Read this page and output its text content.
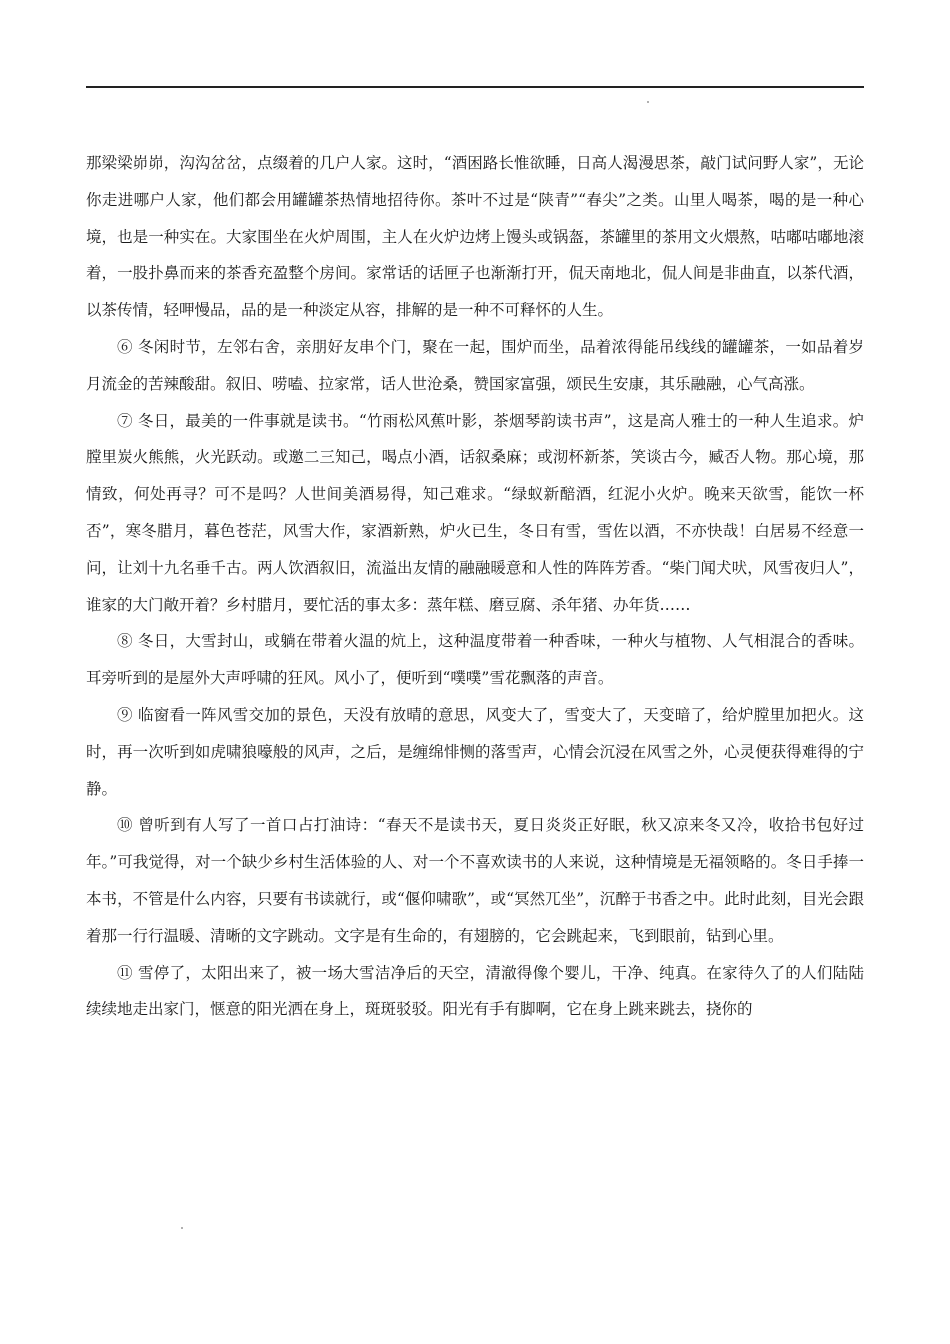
那梁梁峁峁，沟沟岔岔，点缀着的几户人家。这时，“酒困路长惟欲睡，日高人渴漫思茶，敲门试问野人家”，无论你走进哪户人家，他们都会用罐罐茶热情地招待你。茶叶不过是“陕青”“春尖”之类。山里人喝茶，喝的是一种心境，也是一种实在。大家围坐在火炉周围，主人在火炉边烤上馒头或锅盔，茶罐里的茶用文火煨熬，咕嘟咕嘟地滚着，一股扑鼻而来的茶香充盈整个房间。家常话的话匣子也渐渐打开，侃天南地北，侃人间是非曲直，以茶代酒，以茶传情，轻呷慢品，品的是一种淡定从容，排解的是一种不可释怀的人生。

⑥ 冬闲时节，左邻右舍，亲朋好友串个门，聚在一起，围炉而坐，品着浓得能吊线线的罐罐茶，一如品着岁月流金的苦辣酸甜。叙旧、唠嗑、拉家常，话人世沧桑，赞国家富强，颂民生安康，其乐融融，心气高涨。

⑦ 冬日，最美的一件事就是读书。“竹雨松风蕉叶影，茶烟琴韵读书声”，这是高人雅士的一种人生追求。炉膛里炭火熊熊，火光跃动。或邀二三知己，喝点小酒，话叙桑麻；或沏杯新茶，笑谈古今，臧否人物。那心境，那情致，何处再寻？可不是吗？人世间美酒易得，知己难求。“绿蚁新醅酒，红泥小火炉。晚来天欲雪，能饮一杯否”，寒冬腊月，暮色苍茫，风雪大作，家酒新熟，炉火已生，冬日有雪，雪佐以酒，不亦快哉！白居易不经意一问，让刘十九名垂千古。两人饮酒叙旧，流溢出友情的融融暖意和人性的阵阵芳香。“柴门闻犬吠，风雪夜归人”，谁家的大门敞开着？乡村腊月，要忙活的事太多：蒸年糕、磨豆腐、杀年猪、办年货……

⑧ 冬日，大雪封山，或躺在带着火温的炕上，这种温度带着一种香味，一种火与植物、人气相混合的香味。耳旁听到的是屋外大声呼啸的狂风。风小了，便听到“噗噗”雪花飘落的声音。

⑨ 临窗看一阵风雪交加的景色，天没有放晴的意思，风变大了，雪变大了，天变暗了，给炉膛里加把火。这时，再一次听到如虎啸狼嚎般的风声，之后，是缠绵悱恻的落雪声，心情会沉浸在风雪之外，心灵便获得难得的宁静。

⑩ 曾听到有人写了一首口占打油诗：“春天不是读书天，夏日炎炎正好眠，秋又凉来冬又冷，收拾书包好过年。”可我觉得，对一个缺少乡村生活体验的人、对一个不喜欢读书的人来说，这种情境是无福领略的。冬日手捧一本书，不管是什么内容，只要有书读就行，或“偃仰啸歌”，或“冥然兀坐”，沉醉于书香之中。此时此刻，目光会跟着那一行行温暖、清晰的文字跳动。文字是有生命的，有翅膀的，它会跳起来，飞到眼前，钻到心里。

⑪ 雪停了，太阳出来了，被一场大雪洁净后的天空，清澈得像个婴儿，干净、纯真。在家待久了的人们陆陆续续地走出家门，惬意的阳光洒在身上，斑斑驳驳。阳光有手有脚啊，它在身上跳来跳去，挠你的
